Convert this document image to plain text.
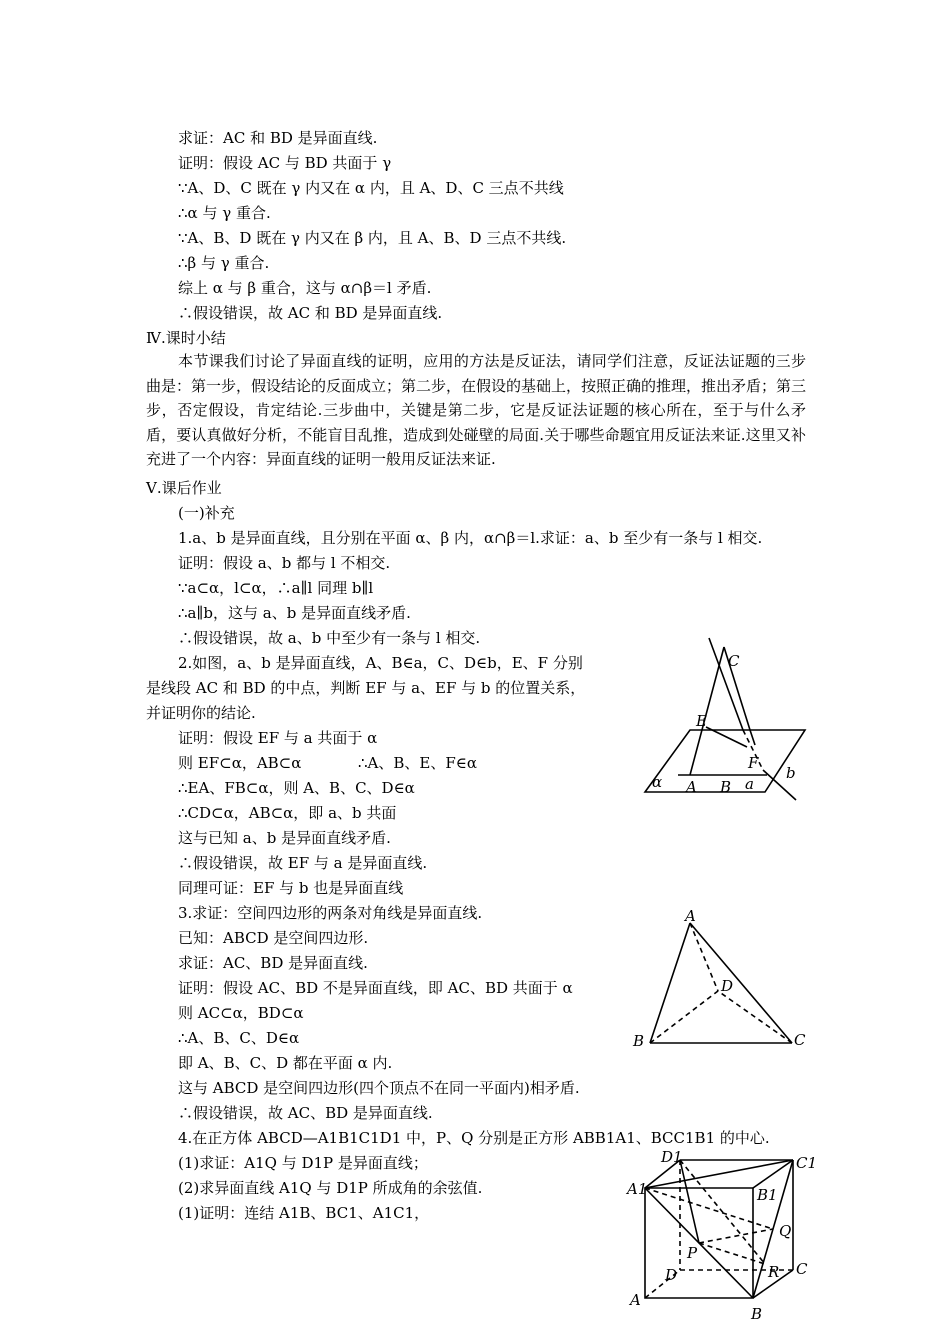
求证：AC 和 BD 是异面直线.
证明：假设 AC 与 BD 共面于 γ
∵A、D、C 既在 γ 内又在 α 内，且 A、D、C 三点不共线
∴α 与 γ 重合.
∵A、B、D 既在 γ 内又在 β 内，且 A、B、D 三点不共线.
∴β 与 γ 重合.
综上 α 与 β 重合，这与 α∩β＝l 矛盾.
∴假设错误，故 AC 和 BD 是异面直线.
Ⅳ.课时小结
本节课我们讨论了异面直线的证明，应用的方法是反证法，请同学们注意，反证法证题的三步曲是：第一步，假设结论的反面成立；第二步，在假设的基础上，按照正确的推理，推出矛盾；第三步，否定假设，肯定结论.三步曲中，关键是第二步，它是反证法证题的核心所在，至于与什么矛盾，要认真做好分析，不能盲目乱推，造成到处碰壁的局面.关于哪些命题宜用反证法来证.这里又补充进了一个内容：异面直线的证明一般用反证法来证.
Ⅴ.课后作业
(一)补充
1.a、b 是异面直线，且分别在平面 α、β 内，α∩β＝l.求证：a、b 至少有一条与 l 相交.
证明：假设 a、b 都与 l 不相交.
∵a⊂α，l⊂α，∴a∥l 同理 b∥l
∴a∥b，这与 a、b 是异面直线矛盾.
∴假设错误，故 a、b 中至少有一条与 l 相交.
2.如图，a、b 是异面直线，A、B∈a，C、D∈b，E、F 分别
是线段 AC 和 BD 的中点，判断 EF 与 a、EF 与 b 的位置关系，
并证明你的结论.
证明：假设 EF 与 a 共面于 α
则 EF⊂α，AB⊂α	∴A、B、E、F∈α
∴EA、FB⊂α，则 A、B、C、D∈α
∴CD⊂α，AB⊂α，即 a、b 共面
这与已知 a、b 是异面直线矛盾.
∴假设错误，故 EF 与 a 是异面直线.
同理可证：EF 与 b 也是异面直线
3.求证：空间四边形的两条对角线是异面直线.
已知：ABCD 是空间四边形.
求证：AC、BD 是异面直线.
证明：假设 AC、BD 不是异面直线，即 AC、BD 共面于 α
则 AC⊂α，BD⊂α
∴A、B、C、D∈α
即 A、B、C、D 都在平面 α 内.
这与 ABCD 是空间四边形(四个顶点不在同一平面内)相矛盾.
∴假设错误，故 AC、BD 是异面直线.
4.在正方体 ABCD—A1B1C1D1 中，P、Q 分别是正方形 ABB1A1、BCC1B1 的中心.
(1)求证：A1Q 与 D1P 是异面直线；
(2)求异面直线 A1Q 与 D1P 所成角的余弦值.
(1)证明：连结 A1B、BC1、A1C1，
C
E
F
b
α A B a
A
D
B	C
D1	C1
A1	B1
Q
P
R
D	C
A
B
